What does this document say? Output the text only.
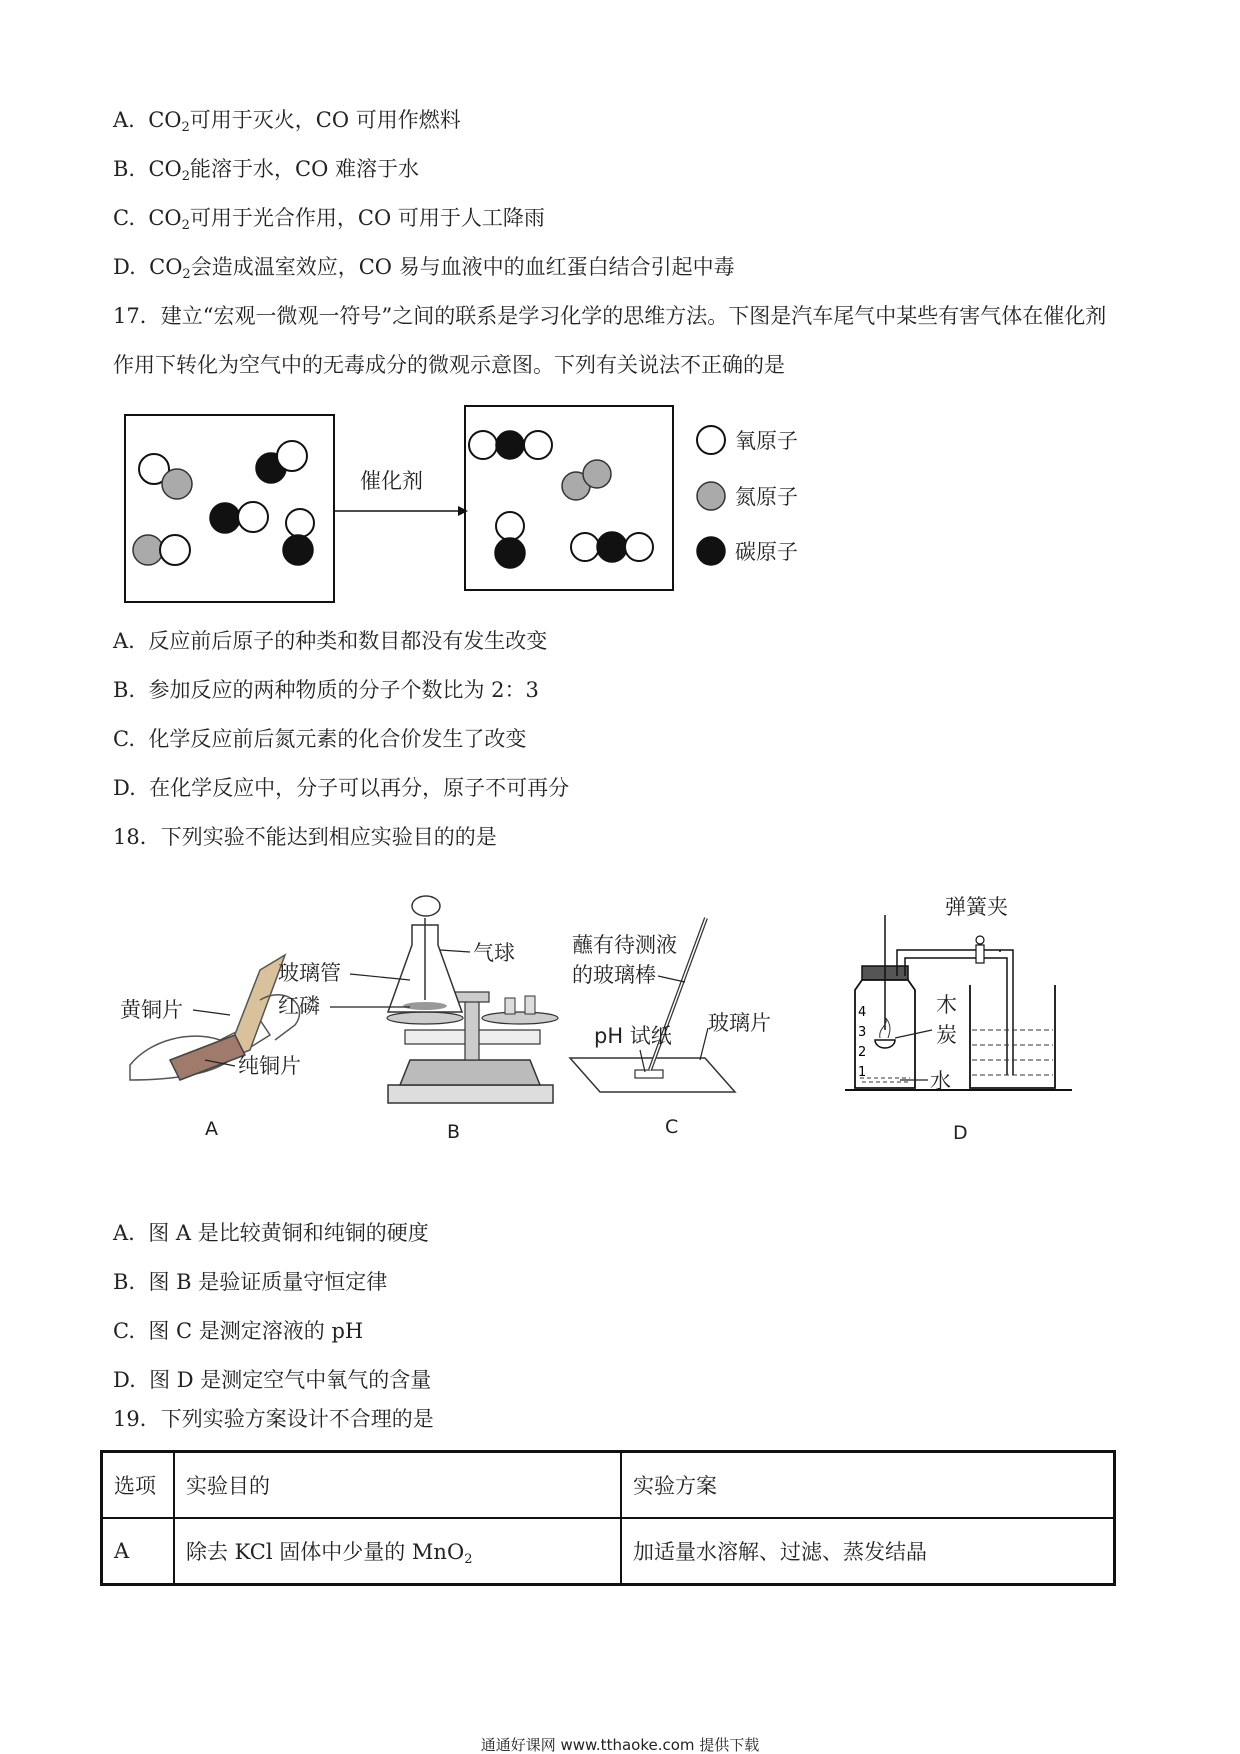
A. $CO_2$可用于灭火，CO 可用作燃料
B. $CO_2$能溶于水，CO 难溶于水
C. $CO_2$可用于光合作用，CO 可用于人工降雨
D. $CO_2$会造成温室效应，CO 易与血液中的血红蛋白结合引起中毒
17．建立“宏观一微观一符号”之间的联系是学习化学的思维方法。下图是汽车尾气中某些有害气体在催化剂
作用下转化为空气中的无毒成分的微观示意图。下列有关说法不正确的是
催化剂
氧原子
氮原子
碳原子
A. 反应前后原子的种类和数目都没有发生改变
B. 参加反应的两种物质的分子个数比为 2：3
C. 化学反应前后氮元素的化合价发生了改变
D. 在化学反应中，分子可以再分，原子不可再分
18．下列实验不能达到相应实验目的的是
黄铜片
纯铜片
A
气球
玻璃管
红磷
B
蘸有待测液
的玻璃棒
pH 试纸
玻璃片
C
4
3
2
1
弹簧夹
木
炭
水
D
A. 图 A 是比较黄铜和纯铜的硬度
B. 图 B 是验证质量守恒定律
C. 图 C 是测定溶液的 pH
D. 图 D 是测定空气中氧气的含量
19．下列实验方案设计不合理的是
选项	实验目的	实验方案
A	除去 KCl 固体中少量的 MnO$_2$	加适量水溶解、过滤、蒸发结晶
通通好课网 www.tthaoke.com 提供下载
